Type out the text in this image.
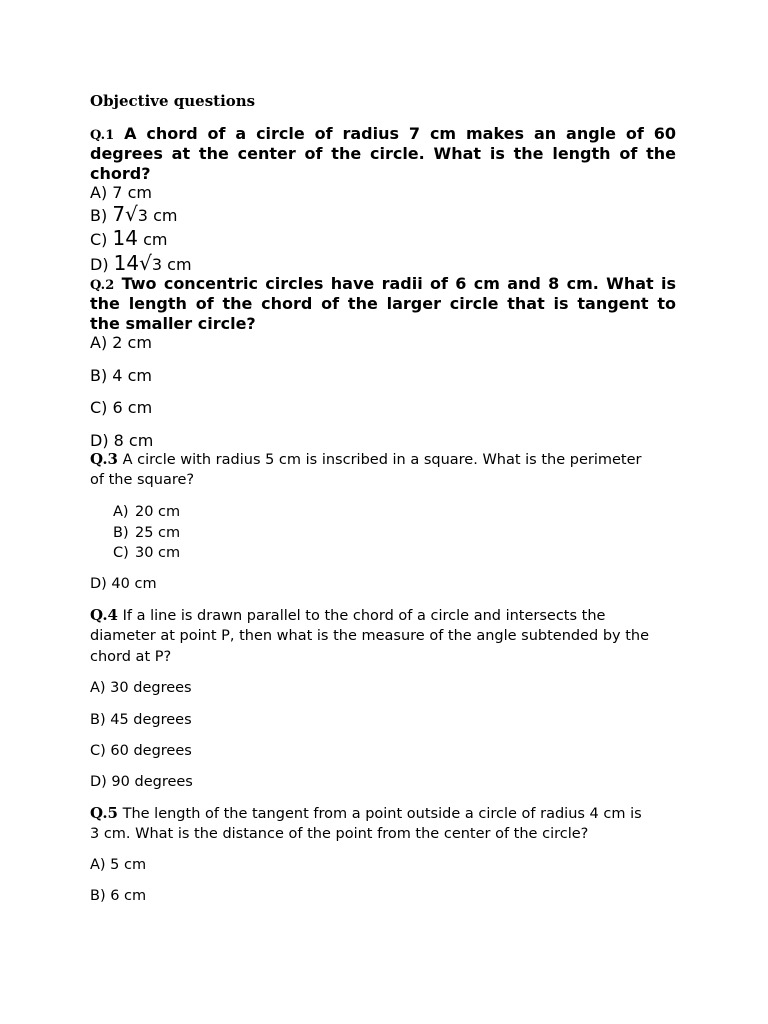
Objective questions
Q.1 A chord of a circle of radius 7 cm makes an angle of 60
degrees at the center of the circle. What is the length of the
chord?
A) 7 cm
B) 7√3 cm
C) 14 cm
D) 14√3 cm
Q.2 Two concentric circles have radii of 6 cm and 8 cm. What is
the length of the chord of the larger circle that is tangent to
the smaller circle?
A) 2 cm
B) 4 cm
C) 6 cm
D) 8 cm
Q.3 A circle with radius 5 cm is inscribed in a square. What is the perimeter
of the square?
A) 20 cm
B) 25 cm
C) 30 cm
D) 40 cm
Q.4 If a line is drawn parallel to the chord of a circle and intersects the
diameter at point P, then what is the measure of the angle subtended by the
chord at P?
A) 30 degrees
B) 45 degrees
C) 60 degrees
D) 90 degrees
Q.5 The length of the tangent from a point outside a circle of radius 4 cm is
3 cm. What is the distance of the point from the center of the circle?
A) 5 cm
B) 6 cm
